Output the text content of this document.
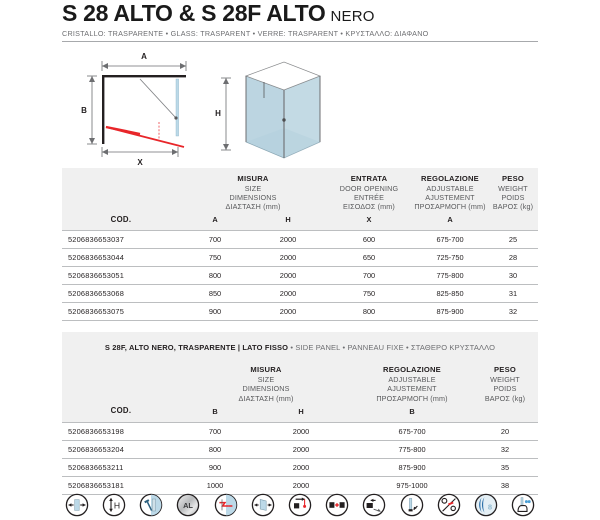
S 28 ALTO & S 28F ALTO NERO
CRISTALLO: TRASPARENTE • GLASS: TRASPARENT • VERRE: TRASPARENT • ΚΡΥΣΤΑΛΛΟ: ΔΙΑΦΑΝΟ
A
B
X
H
COD.	MISURA
SIZE
DIMENSIONS
ΔΙΑΣΤΑΣΗ (mm)		ENTRATA
DOOR OPENING
ENTRÉE
ΕΙΣΟΔΟΣ (mm)	REGOLAZIONE
ADJUSTABLE
AJUSTEMENT
ΠΡΟΣΑΡΜΟΓΗ (mm)	PESO
WEIGHT
POIDS
ΒΑΡΟΣ (kg)

	A	H	X	A	
5206836653037	700	2000	600	675-700	25
5206836653044	750	2000	650	725-750	28
5206836653051	800	2000	700	775-800	30
5206836653068	850	2000	750	825-850	31
5206836653075	900	2000	800	875-900	32
S 28F, ALTO NERO, TRASPARENTE | LATO FISSO • SIDE PANEL • PANNEAU FIXE • ΣΤΑΘΕΡΟ ΚΡΥΣΤΑΛΛΟ
COD.	MISURA
SIZE
DIMENSIONS
ΔΙΑΣΤΑΣΗ (mm)		REGOLAZIONE
ADJUSTABLE
AJUSTEMENT
ΠΡΟΣΑΡΜΟΓΗ (mm)	PESO
WEIGHT
POIDS
ΒΑΡΟΣ (kg)

	B	H	B	
5206836653198	700	2000	675-700	20
5206836653204	800	2000	775-800	32
5206836653211	900	2000	875-900	35
5206836653181	1000	2000	975-1000	38
H	AL	8
